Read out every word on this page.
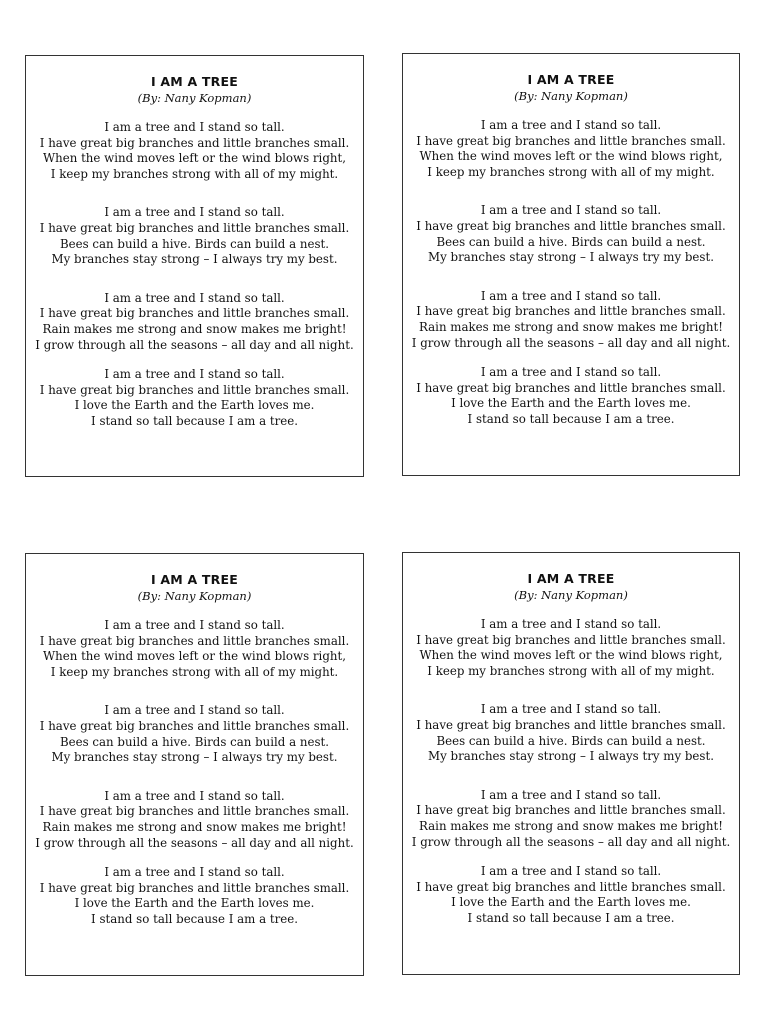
I AM A TREE
(By: Nany Kopman)
I am a tree and I stand so tall.
I have great big branches and little branches small.
When the wind moves left or the wind blows right,
I keep my branches strong with all of my might.
I am a tree and I stand so tall.
I have great big branches and little branches small.
Bees can build a hive. Birds can build a nest.
My branches stay strong – I always try my best.
I am a tree and I stand so tall.
I have great big branches and little branches small.
Rain makes me strong and snow makes me bright!
I grow through all the seasons – all day and all night.
I am a tree and I stand so tall.
I have great big branches and little branches small.
I love the Earth and the Earth loves me.
I stand so tall because I am a tree.
I AM A TREE
(By: Nany Kopman)
I am a tree and I stand so tall.
I have great big branches and little branches small.
When the wind moves left or the wind blows right,
I keep my branches strong with all of my might.
I am a tree and I stand so tall.
I have great big branches and little branches small.
Bees can build a hive. Birds can build a nest.
My branches stay strong – I always try my best.
I am a tree and I stand so tall.
I have great big branches and little branches small.
Rain makes me strong and snow makes me bright!
I grow through all the seasons – all day and all night.
I am a tree and I stand so tall.
I have great big branches and little branches small.
I love the Earth and the Earth loves me.
I stand so tall because I am a tree.
I AM A TREE
(By: Nany Kopman)
I am a tree and I stand so tall.
I have great big branches and little branches small.
When the wind moves left or the wind blows right,
I keep my branches strong with all of my might.
I am a tree and I stand so tall.
I have great big branches and little branches small.
Bees can build a hive. Birds can build a nest.
My branches stay strong – I always try my best.
I am a tree and I stand so tall.
I have great big branches and little branches small.
Rain makes me strong and snow makes me bright!
I grow through all the seasons – all day and all night.
I am a tree and I stand so tall.
I have great big branches and little branches small.
I love the Earth and the Earth loves me.
I stand so tall because I am a tree.
I AM A TREE
(By: Nany Kopman)
I am a tree and I stand so tall.
I have great big branches and little branches small.
When the wind moves left or the wind blows right,
I keep my branches strong with all of my might.
I am a tree and I stand so tall.
I have great big branches and little branches small.
Bees can build a hive. Birds can build a nest.
My branches stay strong – I always try my best.
I am a tree and I stand so tall.
I have great big branches and little branches small.
Rain makes me strong and snow makes me bright!
I grow through all the seasons – all day and all night.
I am a tree and I stand so tall.
I have great big branches and little branches small.
I love the Earth and the Earth loves me.
I stand so tall because I am a tree.
